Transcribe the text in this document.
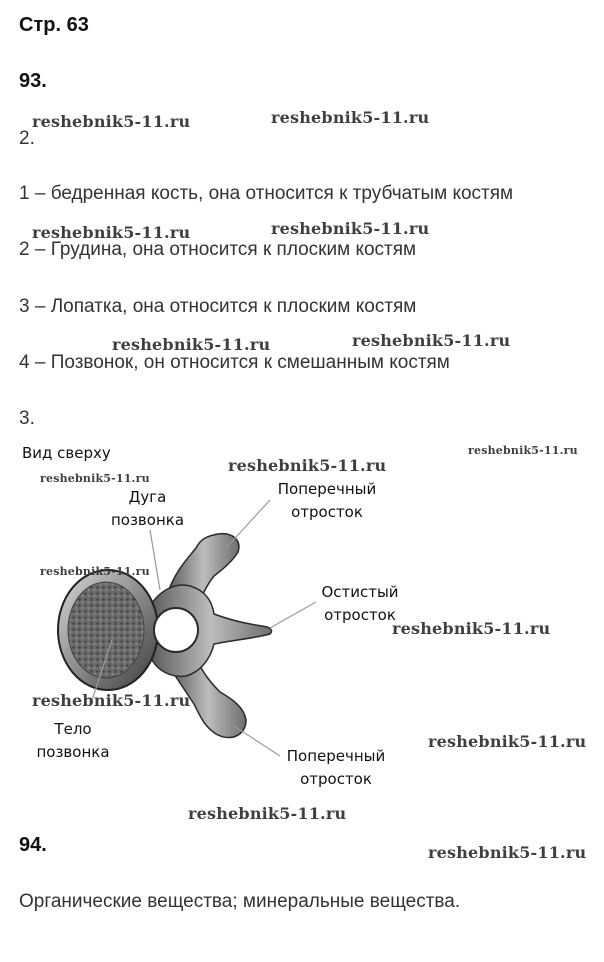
Стр. 63
93.
2.
1 – бедренная кость, она относится к трубчатым костям
2 – Грудина, она относится к плоским костям
3 – Лопатка, она относится к плоским костям
4 – Позвонок, он относится к смешанным костям
3.
Вид сверху
Дуга
позвонка
Поперечный
отросток
Остистый
отросток
Тело
позвонка	Поперечный
отросток
94.
Органические вещества; минеральные вещества.
reshebnik5-11.ru	reshebnik5-11.ru
reshebnik5-11.ru	reshebnik5-11.ru
reshebnik5-11.ru	reshebnik5-11.ru
reshebnik5-11.ru
reshebnik5-11.ru
reshebnik5-11.ru
reshebnik5-11.ru
reshebnik5-11.ru
reshebnik5-11.ru
reshebnik5-11.ru
reshebnik5-11.ru
reshebnik5-11.ru
